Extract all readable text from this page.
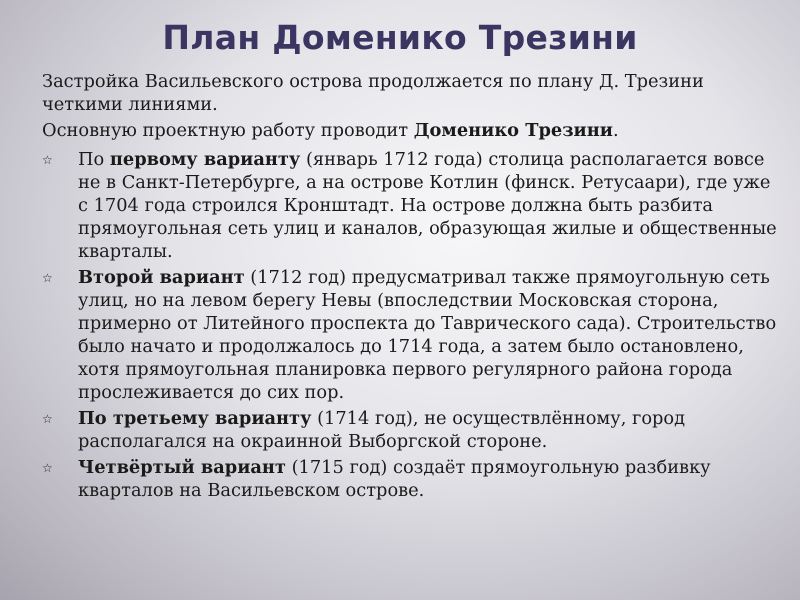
План Доменико Трезини

Застройка Васильевского острова продолжается по плану Д. Трезини четкими линиями.

Основную проектную работу проводит Доменико Трезини.

☆ По первому варианту (январь 1712 года) столица располагается вовсе не в Санкт-Петербурге, а на острове Котлин (финск. Ретусаари), где уже с 1704 года строился Кронштадт. На острове должна быть разбита прямоугольная сеть улиц и каналов, образующая жилые и общественные кварталы.
☆ Второй вариант (1712 год) предусматривал также прямоугольную сеть улиц, но на левом берегу Невы (впоследствии Московская сторона, примерно от Литейного проспекта до Таврического сада). Строительство было начато и продолжалось до 1714 года, а затем было остановлено, хотя прямоугольная планировка первого регулярного района города прослеживается до сих пор.
☆ По третьему варианту (1714 год), не осуществлённому, город располагался на окраинной Выборгской стороне.
☆ Четвёртый вариант (1715 год) создаёт прямоугольную разбивку кварталов на Васильевском острове.
